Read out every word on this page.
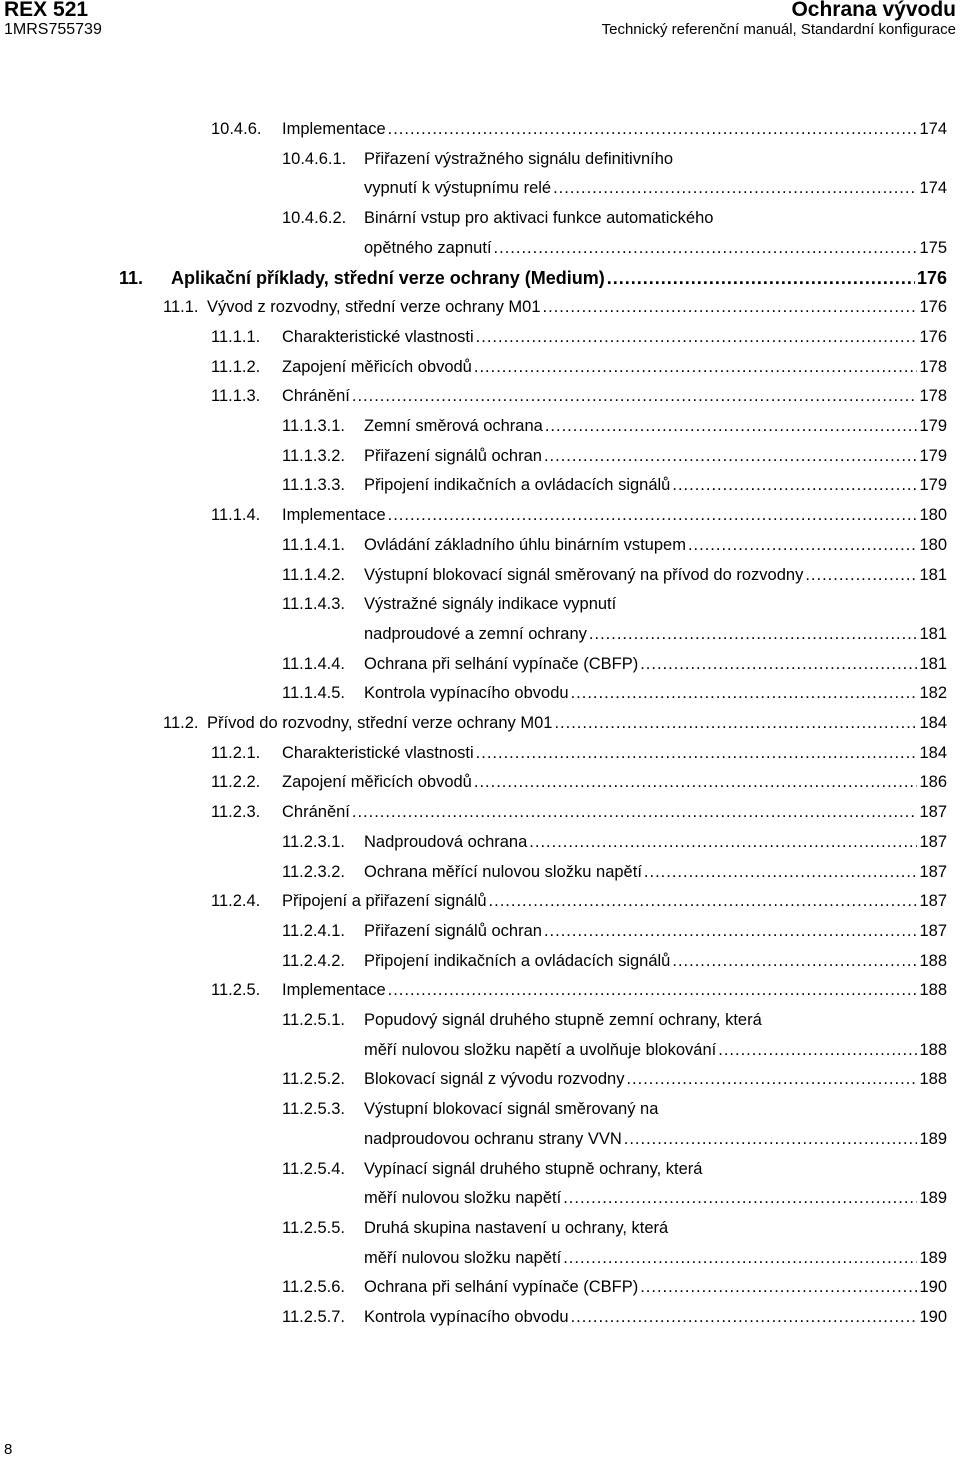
REX 521
1MRS755739
Ochrana vývodu
Technický referenční manuál, Standardní konfigurace
10.4.6.	Implementace .....	174
10.4.6.1.	Přiřazení výstražného signálu definitivního
vypnutí k výstupnímu relé .....	174
10.4.6.2.	Binární vstup pro aktivaci funkce automatického
opětného zapnutí .....	175
11.	Aplikační příklady, střední verze ochrany (Medium) .....	176
11.1. Vývod z rozvodny, střední verze ochrany M01 .....	176
11.1.1.	Charakteristické vlastnosti .....	176
11.1.2.	Zapojení měřicích obvodů .....	178
11.1.3.	Chránění .....	178
11.1.3.1.	Zemní směrová ochrana .....	179
11.1.3.2.	Přiřazení signálů ochran .....	179
11.1.3.3.	Připojení indikačních a ovládacích signálů .....	179
11.1.4.	Implementace .....	180
11.1.4.1.	Ovládání základního úhlu binárním vstupem .....	180
11.1.4.2.	Výstupní blokovací signál směrovaný na přívod do rozvodny .....	181
11.1.4.3.	Výstražné signály indikace vypnutí
nadproudové a zemní ochrany .....	181
11.1.4.4.	Ochrana při selhání vypínače (CBFP) .....	181
11.1.4.5.	Kontrola vypínacího obvodu .....	182
11.2. Přívod do rozvodny, střední verze ochrany M01 .....	184
11.2.1.	Charakteristické vlastnosti .....	184
11.2.2.	Zapojení měřicích obvodů .....	186
11.2.3.	Chránění .....	187
11.2.3.1.	Nadproudová ochrana .....	187
11.2.3.2.	Ochrana měřící nulovou složku napětí .....	187
11.2.4.	Připojení a přiřazení signálů .....	187
11.2.4.1.	Přiřazení signálů ochran .....	187
11.2.4.2.	Připojení indikačních a ovládacích signálů .....	188
11.2.5.	Implementace .....	188
11.2.5.1.	Popudový signál druhého stupně zemní ochrany, která
měří nulovou složku napětí a uvolňuje blokování .....	188
11.2.5.2.	Blokovací signál z vývodu rozvodny .....	188
11.2.5.3.	Výstupní blokovací signál směrovaný na
nadproudovou ochranu strany VVN .....	189
11.2.5.4.	Vypínací signál druhého stupně ochrany, která
měří nulovou složku napětí .....	189
11.2.5.5.	Druhá skupina nastavení u ochrany, která
měří nulovou složku napětí .....	189
11.2.5.6.	Ochrana při selhání vypínače (CBFP) .....	190
11.2.5.7.	Kontrola vypínacího obvodu .....	190
8
